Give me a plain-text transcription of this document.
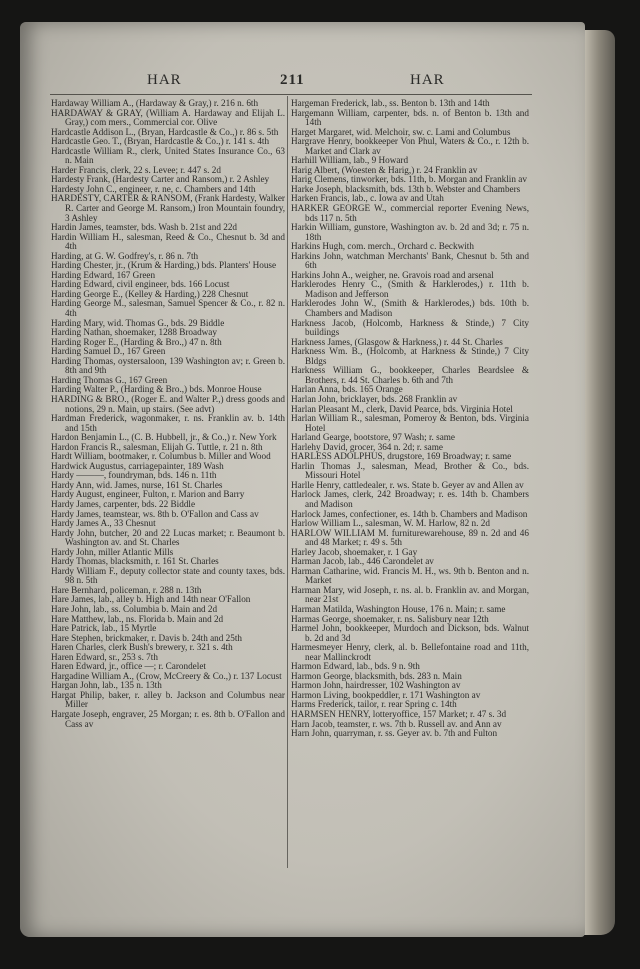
HAR	211	HAR

Hardaway William A., (Hardaway & Gray,) r. 216 n. 6th

HARDAWAY & GRAY, (William A. Hardaway and Elijah L. Gray,) com mers., Commercial cor. Olive

Hardcastle Addison L., (Bryan, Hardcastle & Co.,) r. 86 s. 5th

Hardcastle Geo. T., (Bryan, Hardcastle & Co.,) r. 141 s. 4th

Hardcastle William R., clerk, United States Insurance Co., 63 n. Main

Harder Francis, clerk, 22 s. Levee; r. 447 s. 2d

Hardesty Frank, (Hardesty Carter and Ransom,) r. 2 Ashley

Hardesty John C., engineer, r. ne, c. Chambers and 14th

HARDESTY, CARTER & RANSOM, (Frank Hardesty, Walker R. Carter and George M. Ransom,) Iron Mountain foundry, 3 Ashley

Hardin James, teamster, bds. Wash b. 21st and 22d

Hardin William H., salesman, Reed & Co., Chesnut b. 3d and 4th

Harding, at G. W. Godfrey's, r. 86 n. 7th

Harding Chester, jr., (Krum & Harding,) bds. Planters' House

Harding Edward, 167 Green

Harding Edward, civil engineer, bds. 166 Locust

Harding George E., (Kelley & Harding,) 228 Chesnut

Harding George M., salesman, Samuel Spencer & Co., r. 82 n. 4th

Harding Mary, wid. Thomas G., bds. 29 Biddle

Harding Nathan, shoemaker, 1288 Broadway

Harding Roger E., (Harding & Bro.,) 47 n. 8th

Harding Samuel D., 167 Green

Harding Thomas, oystersaloon, 139 Washington av; r. Green b. 8th and 9th

Harding Thomas G., 167 Green

Harding Walter P., (Harding & Bro.,) bds. Monroe House

HARDING & BRO., (Roger E. and Walter P.,) dress goods and notions, 29 n. Main, up stairs. (See advt)

Hardman Frederick, wagonmaker, r. ns. Franklin av. b. 14th and 15th

Hardon Benjamin L., (C. B. Hubbell, jr., & Co.,) r. New York

Hardon Francis R., salesman, Elijah G. Tuttle, r. 21 n. 8th

Hardt William, bootmaker, r. Columbus b. Miller and Wood

Hardwick Augustus, carriagepainter, 189 Wash

Hardy ———, foundryman, bds. 146 n. 11th

Hardy Ann, wid. James, nurse, 161 St. Charles

Hardy August, engineer, Fulton, r. Marion and Barry

Hardy James, carpenter, bds. 22 Biddle

Hardy James, teamstear, ws. 8th b. O'Fallon and Cass av

Hardy James A., 33 Chesnut

Hardy John, butcher, 20 and 22 Lucas market; r. Beaumont b. Washington av. and St. Charles

Hardy John, miller Atlantic Mills

Hardy Thomas, blacksmith, r. 161 St. Charles

Hardy William F., deputy collector state and county taxes, bds. 98 n. 5th

Hare Bernhard, policeman, r. 288 n. 13th

Hare James, lab., alley b. High and 14th near O'Fallon

Hare John, lab., ss. Columbia b. Main and 2d

Hare Matthew, lab., ns. Florida b. Main and 2d

Hare Patrick, lab., 15 Myrtle

Hare Stephen, brickmaker, r. Davis b. 24th and 25th

Haren Charles, clerk Bush's brewery, r. 321 s. 4th

Haren Edward, sr., 253 s. 7th

Haren Edward, jr., office —; r. Carondelet

Hargadine William A., (Crow, McCreery & Co.,) r. 137 Locust

Hargan John, lab., 135 n. 13th

Hargat Philip, baker, r. alley b. Jackson and Columbus near Miller

Hargate Joseph, engraver, 25 Morgan; r. es. 8th b. O'Fallon and Cass av

Hargeman Frederick, lab., ss. Benton b. 13th and 14th

Hargemann William, carpenter, bds. n. of Benton b. 13th and 14th

Harget Margaret, wid. Melchoir, sw. c. Lami and Columbus

Hargrave Henry, bookkeeper Von Phul, Waters & Co., r. 12th b. Market and Clark av

Harhill William, lab., 9 Howard

Harig Albert, (Woesten & Harig,) r. 24 Franklin av

Harig Clemens, tinworker, bds. 11th, b. Morgan and Franklin av

Harke Joseph, blacksmith, bds. 13th b. Webster and Chambers

Harken Francis, lab., c. Iowa av and Utah

HARKER GEORGE W., commercial reporter Evening News, bds 117 n. 5th

Harkin William, gunstore, Washington av. b. 2d and 3d; r. 75 n. 18th

Harkins Hugh, com. merch., Orchard c. Beckwith

Harkins John, watchman Merchants' Bank, Chesnut b. 5th and 6th

Harkins John A., weigher, ne. Gravois road and arsenal

Harklerodes Henry C., (Smith & Harklerodes,) r. 11th b. Madison and Jefferson

Harklerodes John W., (Smith & Harklerodes,) bds. 10th b. Chambers and Madison

Harkness Jacob, (Holcomb, Harkness & Stinde,) 7 City buildings

Harkness James, (Glasgow & Harkness,) r. 44 St. Charles

Harkness Wm. B., (Holcomb, at Harkness & Stinde,) 7 City Bldgs

Harkness William G., bookkeeper, Charles Beardslee & Brothers, r. 44 St. Charles b. 6th and 7th

Harlan Anna, bds. 165 Orange

Harlan John, bricklayer, bds. 268 Franklin av

Harlan Pleasant M., clerk, David Pearce, bds. Virginia Hotel

Harlan William R., salesman, Pomeroy & Benton, bds. Virginia Hotel

Harland Gearge, bootstore, 97 Wash; r. same

Harlehy David, grocer, 364 n. 2d; r. same

HARLESS ADOLPHUS, drugstore, 169 Broadway; r. same

Harlin Thomas J., salesman, Mead, Brother & Co., bds. Missouri Hotel

Harlle Henry, cattledealer, r. ws. State b. Geyer av and Allen av

Harlock James, clerk, 242 Broadway; r. es. 14th b. Chambers and Madison

Harlock James, confectioner, es. 14th b. Chambers and Madison

Harlow William L., salesman, W. M. Harlow, 82 n. 2d

HARLOW WILLIAM M. furniturewarehouse, 89 n. 2d and 46 and 48 Market; r. 49 s. 5th

Harley Jacob, shoemaker, r. 1 Gay

Harman Jacob, lab., 446 Carondelet av

Harman Catharine, wid. Francis M. H., ws. 9th b. Benton and n. Market

Harman Mary, wid Joseph, r. ns. al. b. Franklin av. and Morgan, near 21st

Harman Matilda, Washington House, 176 n. Main; r. same

Harmas George, shoemaker, r. ns. Salisbury near 12th

Harmel John, bookkeeper, Murdoch and Dickson, bds. Walnut b. 2d and 3d

Harmesmeyer Henry, clerk, al. b. Bellefontaine road and 11th, near Mallinckrodt

Harmon Edward, lab., bds. 9 n. 9th

Harmon George, blacksmith, bds. 283 n. Main

Harmon John, hairdresser, 102 Washington av

Harmon Living, bookpeddler, r. 171 Washington av

Harms Frederick, tailor, r. rear Spring c. 14th

HARMSEN HENRY, lotteryoffice, 157 Market; r. 47 s. 3d

Harn Jacob, teamster, r. ws. 7th b. Russell av. and Ann av

Harn John, quarryman, r. ss. Geyer av. b. 7th and Fulton
